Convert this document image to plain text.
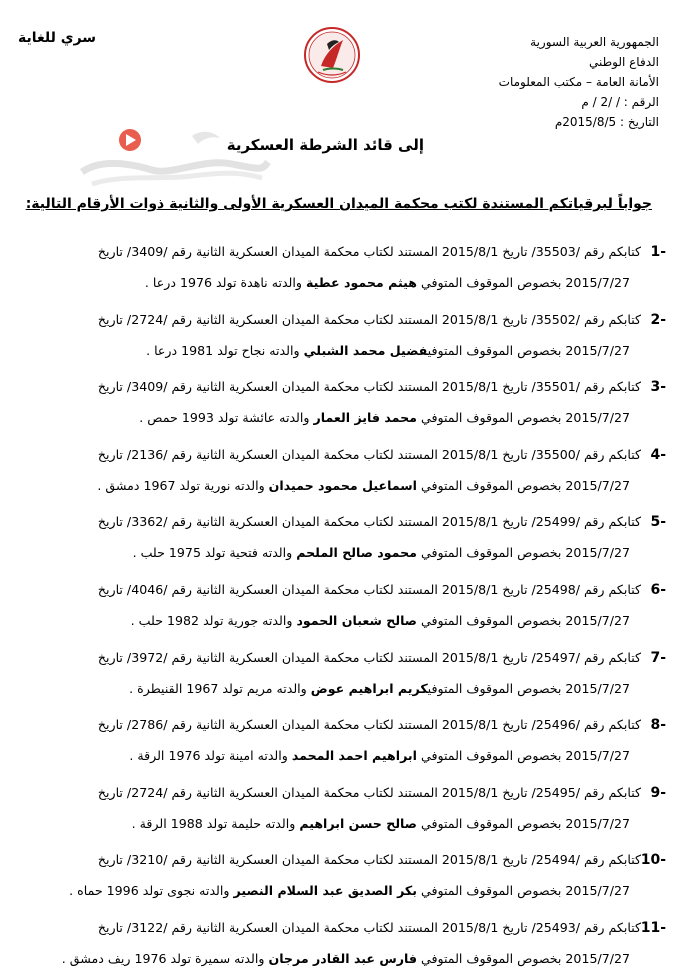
الجمهورية العربية السورية
الدفاع الوطني
الأمانة العامة – مكتب المعلومات
الرقم : / /2 / م
التاريخ : 2015/8/5م
سري للغاية
إلى قائد الشرطة العسكرية
جواباً لبرقياتكم المستندة لكتب محكمة الميدان العسكرية الأولى والثانية ذوات الأرقام التالية:
-1
كتابكم رقم /35503/ تاريخ 2015/8/1 المستند لكتاب محكمة الميدان العسكرية الثانية رقم /3409/ تاريخ
2015/7/27 بخصوص الموقوف المتوفي هيثم محمود عطية والدته ناهدة تولد 1976 درعا .
-2
كتابكم رقم /35502/ تاريخ 2015/8/1 المستند لكتاب محكمة الميدان العسكرية الثانية رقم /2724/ تاريخ
2015/7/27 بخصوص الموقوف المتوفيفضيل محمد الشبلي والدته نجاح تولد 1981 درعا .
-3
كتابكم رقم /35501/ تاريخ 2015/8/1 المستند لكتاب محكمة الميدان العسكرية الثانية رقم /3409/ تاريخ
2015/7/27 بخصوص الموقوف المتوفي محمد فايز العمار والدته عائشة تولد 1993 حمص .
-4
كتابكم رقم /35500/ تاريخ 2015/8/1 المستند لكتاب محكمة الميدان العسكرية الثانية رقم /2136/ تاريخ
2015/7/27 بخصوص الموقوف المتوفي اسماعيل محمود حميدان والدته نورية تولد 1967 دمشق .
-5
كتابكم رقم /25499/ تاريخ 2015/8/1 المستند لكتاب محكمة الميدان العسكرية الثانية رقم /3362/ تاريخ
2015/7/27 بخصوص الموقوف المتوفي محمود صالح الملحم والدته فتحية تولد 1975 حلب .
-6
كتابكم رقم /25498/ تاريخ 2015/8/1 المستند لكتاب محكمة الميدان العسكرية الثانية رقم /4046/ تاريخ
2015/7/27 بخصوص الموقوف المتوفي صالح شعبان الحمود والدته جورية تولد 1982 حلب .
-7
كتابكم رقم /25497/ تاريخ 2015/8/1 المستند لكتاب محكمة الميدان العسكرية الثانية رقم /3972/ تاريخ
2015/7/27 بخصوص الموقوف المتوفيكريم ابراهيم عوض والدته مريم تولد 1967 القنيطرة .
-8
كتابكم رقم /25496/ تاريخ 2015/8/1 المستند لكتاب محكمة الميدان العسكرية الثانية رقم /2786/ تاريخ
2015/7/27 بخصوص الموقوف المتوفي ابراهيم احمد المحمد والدته امينة تولد 1976 الرقة .
-9
كتابكم رقم /25495/ تاريخ 2015/8/1 المستند لكتاب محكمة الميدان العسكرية الثانية رقم /2724/ تاريخ
2015/7/27 بخصوص الموقوف المتوفي صالح حسن ابراهيم والدته حليمة تولد 1988 الرقة .
-10
كتابكم رقم /25494/ تاريخ 2015/8/1 المستند لكتاب محكمة الميدان العسكرية الثانية رقم /3210/ تاريخ
2015/7/27 بخصوص الموقوف المتوفي بكر الصديق عبد السلام النصير والدته نجوى تولد 1996 حماه .
-11
كتابكم رقم /25493/ تاريخ 2015/8/1 المستند لكتاب محكمة الميدان العسكرية الثانية رقم /3122/ تاريخ
2015/7/27 بخصوص الموقوف المتوفي فارس عبد القادر مرجان والدته سميرة تولد 1976 ريف دمشق .
